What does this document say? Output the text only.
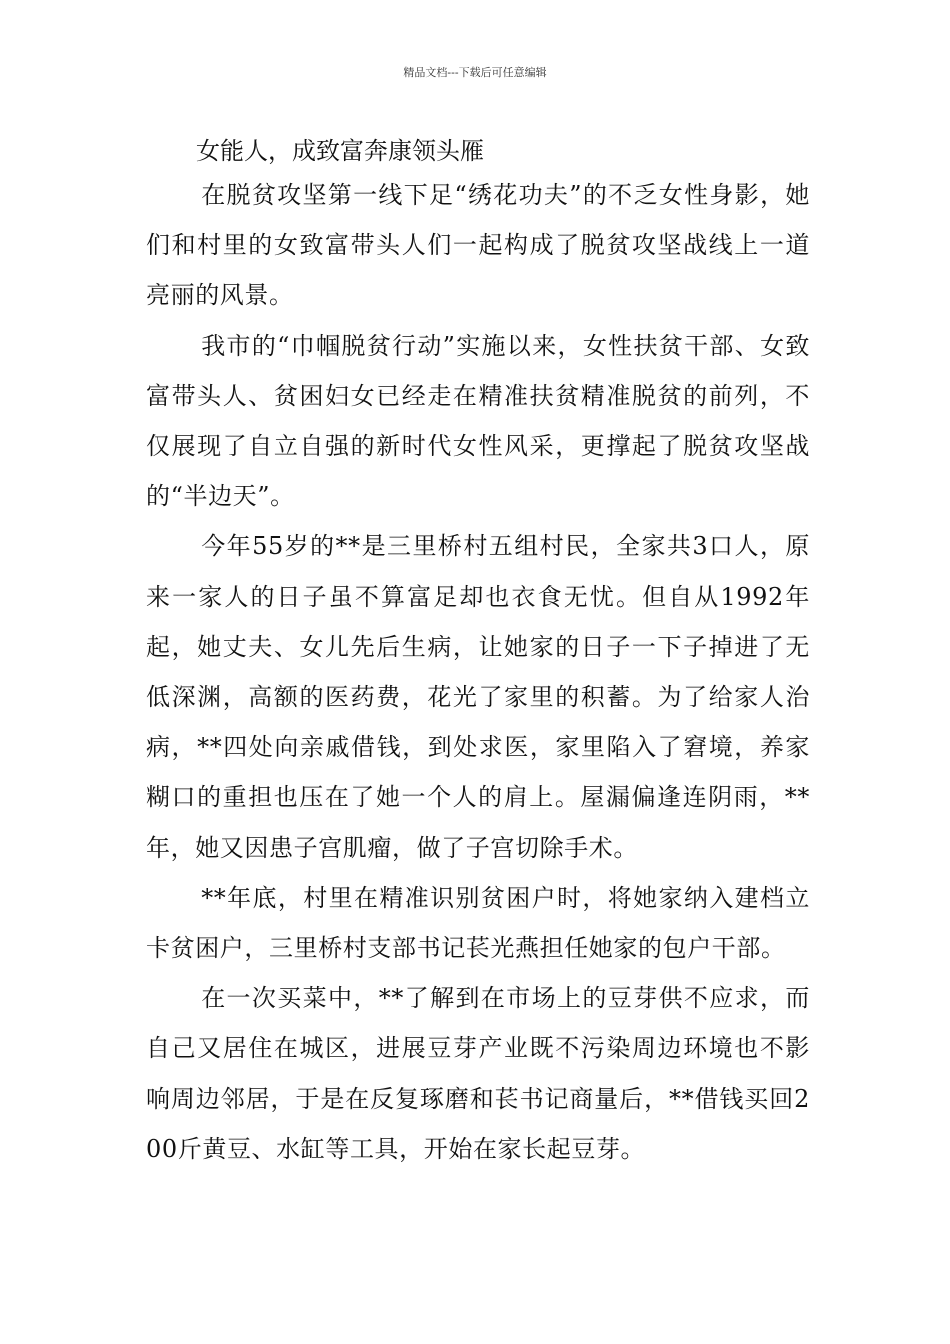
精品文档---下载后可任意编辑
女能人，成致富奔康领头雁

在脱贫攻坚第一线下足“绣花功夫”的不乏女性身影，她们和村里的女致富带头人们一起构成了脱贫攻坚战线上一道亮丽的风景。

我市的“巾帼脱贫行动”实施以来，女性扶贫干部、女致富带头人、贫困妇女已经走在精准扶贫精准脱贫的前列，不仅展现了自立自强的新时代女性风采，更撑起了脱贫攻坚战的“半边天”。

今年55岁的**是三里桥村五组村民，全家共3口人，原来一家人的日子虽不算富足却也衣食无忧。但自从1992年起，她丈夫、女儿先后生病，让她家的日子一下子掉进了无低深渊，高额的医药费，花光了家里的积蓄。为了给家人治病，**四处向亲戚借钱，到处求医，家里陷入了窘境，养家糊口的重担也压在了她一个人的肩上。屋漏偏逢连阴雨，**年，她又因患子宫肌瘤，做了子宫切除手术。

**年底，村里在精准识别贫困户时，将她家纳入建档立卡贫困户，三里桥村支部书记苌光燕担任她家的包户干部。

在一次买菜中，**了解到在市场上的豆芽供不应求，而自己又居住在城区，进展豆芽产业既不污染周边环境也不影响周边邻居，于是在反复琢磨和苌书记商量后，**借钱买回200斤黄豆、水缸等工具，开始在家长起豆芽。
